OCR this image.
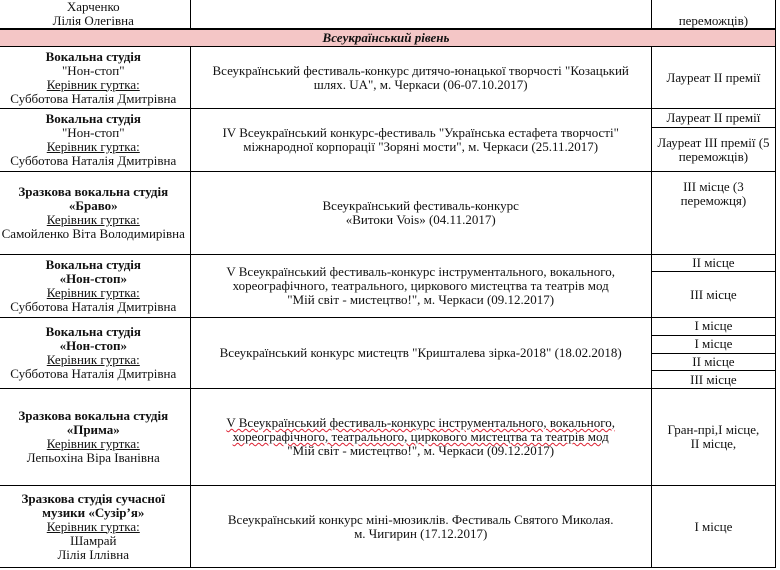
Харченко
Лілія Олегівна		переможців)

Всеукраїнський рівень		

Вокальна студія
"Нон-стоп"
Керівник гуртка:
Субботова Наталія Дмитрівна	Всеукраїнський фестиваль-конкурс дитячо-юнацької творчості "Козацький
шлях. UA", м. Черкаси (06-07.10.2017)	Лауреат ІІ премії

Вокальна студія
"Нон-стоп"
Керівник гуртка:
Субботова Наталія Дмитрівна	IV Всеукраїнський конкурс-фестиваль "Українська естафета творчості"
міжнародної корпорації "Зоряні мости", м. Черкаси (25.11.2017)	Лауреат ІІ премії

		Лауреат ІІІ премії (5 переможців)

Зразкова вокальна студія
«Браво»
Керівник гуртка:
Самойленко Віта Володимирівна	Всеукраїнський фестиваль-конкурс
«Витоки Vois» (04.11.2017)	ІІІ місце (3 переможця)

Вокальна студія
«Нон-стоп»
Керівник гуртка:
Субботова Наталія Дмитрівна	V Всеукраїнський фестиваль-конкурс інструментального, вокального,
хореографічного, театрального, циркового мистецтва та театрів мод
"Мій світ - мистецтво!", м. Черкаси (09.12.2017)	ІІ місце

		ІІІ місце

Вокальна студія
«Нон-стоп»
Керівник гуртка:
Субботова Наталія Дмитрівна	Всеукраїнський конкурс мистецтв "Кришталева зірка-2018" (18.02.2018)	І місце

		І місце

		ІІ місце

		ІІІ місце

Зразкова вокальна студія
«Прима»
Керівник гуртка:
Лепьохіна Віра Іванівна	V Всеукраїнський фестиваль-конкурс інструментального, вокального,
хореографічного, театрального, циркового мистецтва та театрів мод
"Мій світ - мистецтво!", м. Черкаси (09.12.2017)	Гран-прі,І місце,
ІІ місце,

Зразкова студія сучасної
музики «Сузір’я»
Керівник гуртка:
Шамрай
Лілія Іллівна	Всеукраїнський конкурс міні-мюзиклів. Фестиваль Святого Миколая.
м. Чигирин (17.12.2017)	І місце
